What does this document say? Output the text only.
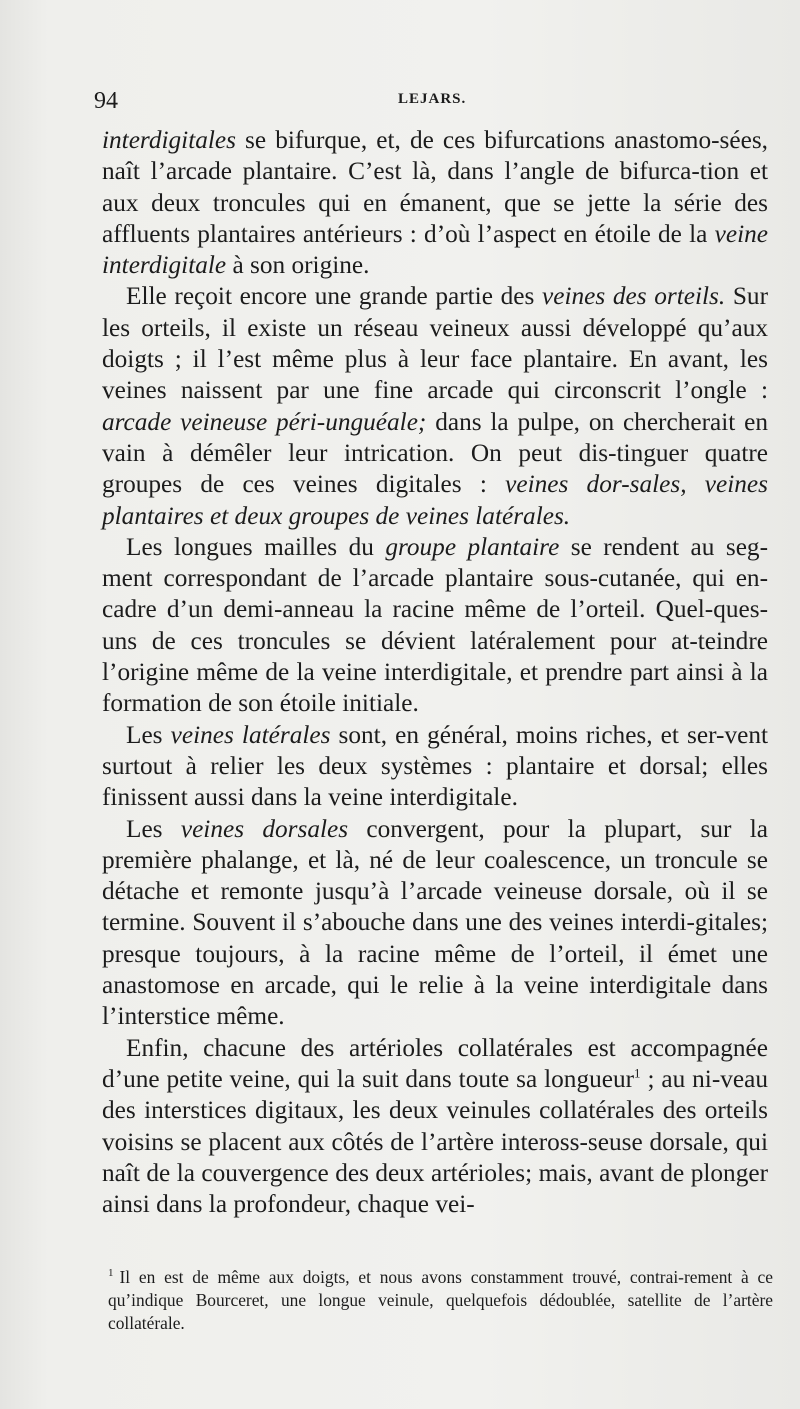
94	LEJARS.

interdigitales se bifurque, et, de ces bifurcations anastomo-sées, naît l’arcade plantaire. C’est là, dans l’angle de bifurca-tion et aux deux troncules qui en émanent, que se jette la série des affluents plantaires antérieurs : d’où l’aspect en étoile de la veine interdigitale à son origine.

Elle reçoit encore une grande partie des veines des orteils. Sur les orteils, il existe un réseau veineux aussi développé qu’aux doigts ; il l’est même plus à leur face plantaire. En avant, les veines naissent par une fine arcade qui circonscrit l’ongle : arcade veineuse péri-unguéale; dans la pulpe, on chercherait en vain à démêler leur intrication. On peut dis-tinguer quatre groupes de ces veines digitales : veines dor-sales, veines plantaires et deux groupes de veines latérales.

Les longues mailles du groupe plantaire se rendent au seg-ment correspondant de l’arcade plantaire sous-cutanée, qui en-cadre d’un demi-anneau la racine même de l’orteil. Quel-ques-uns de ces troncules se dévient latéralement pour at-teindre l’origine même de la veine interdigitale, et prendre part ainsi à la formation de son étoile initiale.

Les veines latérales sont, en général, moins riches, et ser-vent surtout à relier les deux systèmes : plantaire et dorsal; elles finissent aussi dans la veine interdigitale.

Les veines dorsales convergent, pour la plupart, sur la première phalange, et là, né de leur coalescence, un troncule se détache et remonte jusqu’à l’arcade veineuse dorsale, où il se termine. Souvent il s’abouche dans une des veines interdi-gitales; presque toujours, à la racine même de l’orteil, il émet une anastomose en arcade, qui le relie à la veine interdigitale dans l’interstice même.

Enfin, chacune des artérioles collatérales est accompagnée d’une petite veine, qui la suit dans toute sa longueur$^1$ ; au ni-veau des interstices digitaux, les deux veinules collatérales des orteils voisins se placent aux côtés de l’artère inteross-seuse dorsale, qui naît de la couvergence des deux artérioles; mais, avant de plonger ainsi dans la profondeur, chaque vei-

$^1$ Il en est de même aux doigts, et nous avons constamment trouvé, contrai-rement à ce qu’indique Bourceret, une longue veinule, quelquefois dédoublée, satellite de l’artère collatérale.
